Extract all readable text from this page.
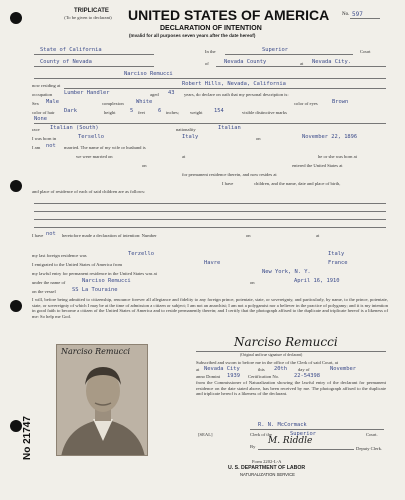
TRIPLICATE
(To be given to declarant) UNITED STATES OF AMERICA	No. 597
DECLARATION OF INTENTION
(Invalid for all purposes seven years after the date hereof)
State of California	In the	Superior	Court
County of Nevada	of	Nevada County	at Nevada City.
Narciso Remucci
now residing at	Robert Hills, Nevada, California
occupation Lumber Handler	aged 43 years, do declare on oath that my personal description is:
Sex Male	complexion White	color of eyes	Brown
color of hair Dark	height	5 feet 6 inches; weight 154	visible distinctive marks
None
race Italian (South)	nationality	Italian
I was born in	Tersello	Italy	on	November 22, 1896
I am not married. The name of my wife or husband is
we were married on	at	he or she was born at
on	entered the United States at
for permanent residence therein, and now resides at
I have	children, and the name, date and place of birth,
and place of residence of each of said children are as follows:
I have not heretofore made a declaration of intention: Number	on	at
my last foreign residence was	Terzello	Italy
I emigrated to the United States of America from	Havre	France
my lawful entry for permanent residence in the United States was at	New York, N. Y.
under the name of	Narciso Remucci	on	April 16, 1910
on the vessel	SS La Touraine
I will, before being admitted to citizenship, renounce forever all allegiance and fidelity to any foreign prince, potentate, state, or sovereignty, and particularly, by name, to the prince, potentate, state, or sovereignty of which I may be at the time of admission a citizen or subject; I am not an anarchist; I am not a polygamist nor a believer in the practice of polygamy; and it is my intention in good faith to become a citizen of the United States of America and to reside permanently therein; and I certify that the photograph affixed to the duplicate and triplicate hereof is a likeness of me: So help me God.
Narciso Remucci
Narciso Remucci
(Original and true signature of declarant)
Subscribed and sworn to before me in the office of the Clerk of said Court, at
at Nevada City	this 20th day of	November
anno Domini 1939 Certification No.	22-54398
from the Commissioner of Naturalization showing the lawful entry of the declarant for permanent residence on the date stated above, has been received by me. The photograph affixed to the duplicate and triplicate hereof is a likeness of the declarant.
[SEAL]
R. N. McCormack
Clerk of the	Superior	Court.
By
M. Riddle
Deputy Clerk.
Form 2202-L-A
U. S. DEPARTMENT OF LABOR
NATURALIZATION SERVICE
No 21747
